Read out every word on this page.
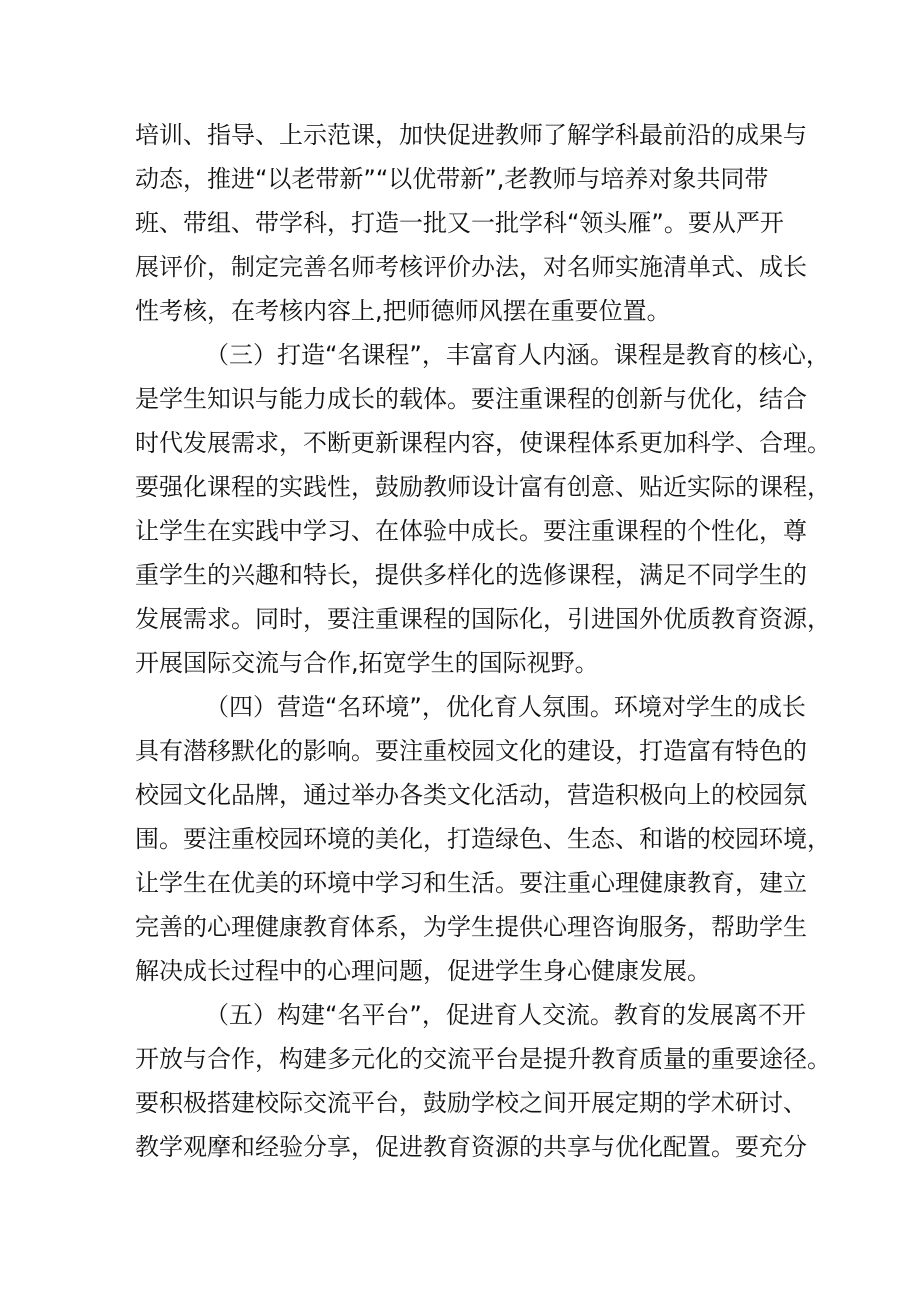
培训、指导、上示范课，加快促进教师了解学科最前沿的成果与
动态，推进“以老带新”“以优带新”,老教师与培养对象共同带
班、带组、带学科，打造一批又一批学科“领头雁”。要从严开
展评价，制定完善名师考核评价办法，对名师实施清单式、成长
性考核，在考核内容上,把师德师风摆在重要位置。
（三）打造“名课程”，丰富育人内涵。课程是教育的核心，
是学生知识与能力成长的载体。要注重课程的创新与优化，结合
时代发展需求，不断更新课程内容，使课程体系更加科学、合理。
要强化课程的实践性，鼓励教师设计富有创意、贴近实际的课程，
让学生在实践中学习、在体验中成长。要注重课程的个性化，尊
重学生的兴趣和特长，提供多样化的选修课程，满足不同学生的
发展需求。同时，要注重课程的国际化，引进国外优质教育资源，
开展国际交流与合作,拓宽学生的国际视野。
（四）营造“名环境”，优化育人氛围。环境对学生的成长
具有潜移默化的影响。要注重校园文化的建设，打造富有特色的
校园文化品牌，通过举办各类文化活动，营造积极向上的校园氛
围。要注重校园环境的美化，打造绿色、生态、和谐的校园环境，
让学生在优美的环境中学习和生活。要注重心理健康教育，建立
完善的心理健康教育体系，为学生提供心理咨询服务，帮助学生
解决成长过程中的心理问题，促进学生身心健康发展。
（五）构建“名平台”，促进育人交流。教育的发展离不开
开放与合作，构建多元化的交流平台是提升教育质量的重要途径。
要积极搭建校际交流平台，鼓励学校之间开展定期的学术研讨、
教学观摩和经验分享，促进教育资源的共享与优化配置。要充分
